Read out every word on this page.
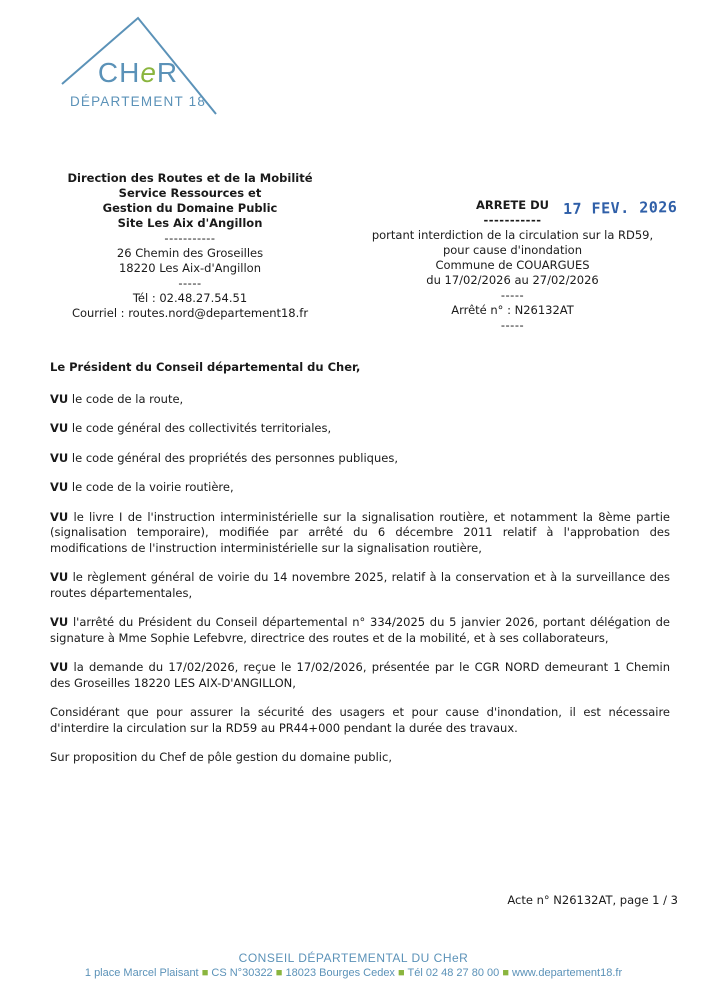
CHeR
DÉPARTEMENT 18
Direction des Routes et de la Mobilité
Service Ressources et
Gestion du Domaine Public
Site Les Aix d'Angillon
-----------
26 Chemin des Groseilles
18220 Les Aix-d'Angillon
-----
Tél : 02.48.27.54.51
Courriel : routes.nord@departement18.fr
ARRETE DU
-----------
portant interdiction de la circulation sur la RD59,
pour cause d'inondation
Commune de COUARGUES
du 17/02/2026 au 27/02/2026
-----
Arrêté n° : N26132AT
-----
17 FEV. 2026

Le Président du Conseil départemental du Cher,

VU le code de la route,

VU le code général des collectivités territoriales,

VU le code général des propriétés des personnes publiques,

VU le code de la voirie routière,

VU le livre I de l'instruction interministérielle sur la signalisation routière, et notamment la 8ème partie (signalisation temporaire), modifiée par arrêté du 6 décembre 2011 relatif à l'approbation des modifications de l'instruction interministérielle sur la signalisation routière,

VU le règlement général de voirie du 14 novembre 2025, relatif à la conservation et à la surveillance des routes départementales,

VU l'arrêté du Président du Conseil départemental n° 334/2025 du 5 janvier 2026, portant délégation de signature à Mme Sophie Lefebvre, directrice des routes et de la mobilité, et à ses collaborateurs,

VU la demande du 17/02/2026, reçue le 17/02/2026, présentée par le CGR NORD demeurant 1 Chemin des Groseilles 18220 LES AIX-D'ANGILLON,

Considérant que pour assurer la sécurité des usagers et pour cause d'inondation, il est nécessaire d'interdire la circulation sur la RD59 au PR44+000 pendant la durée des travaux.

Sur proposition du Chef de pôle gestion du domaine public,

Acte n° N26132AT, page 1 / 3
CONSEIL DÉPARTEMENTAL DU CHeR
1 place Marcel Plaisant ■ CS N°30322 ■ 18023 Bourges Cedex ■ Tél 02 48 27 80 00 ■ www.departement18.fr
